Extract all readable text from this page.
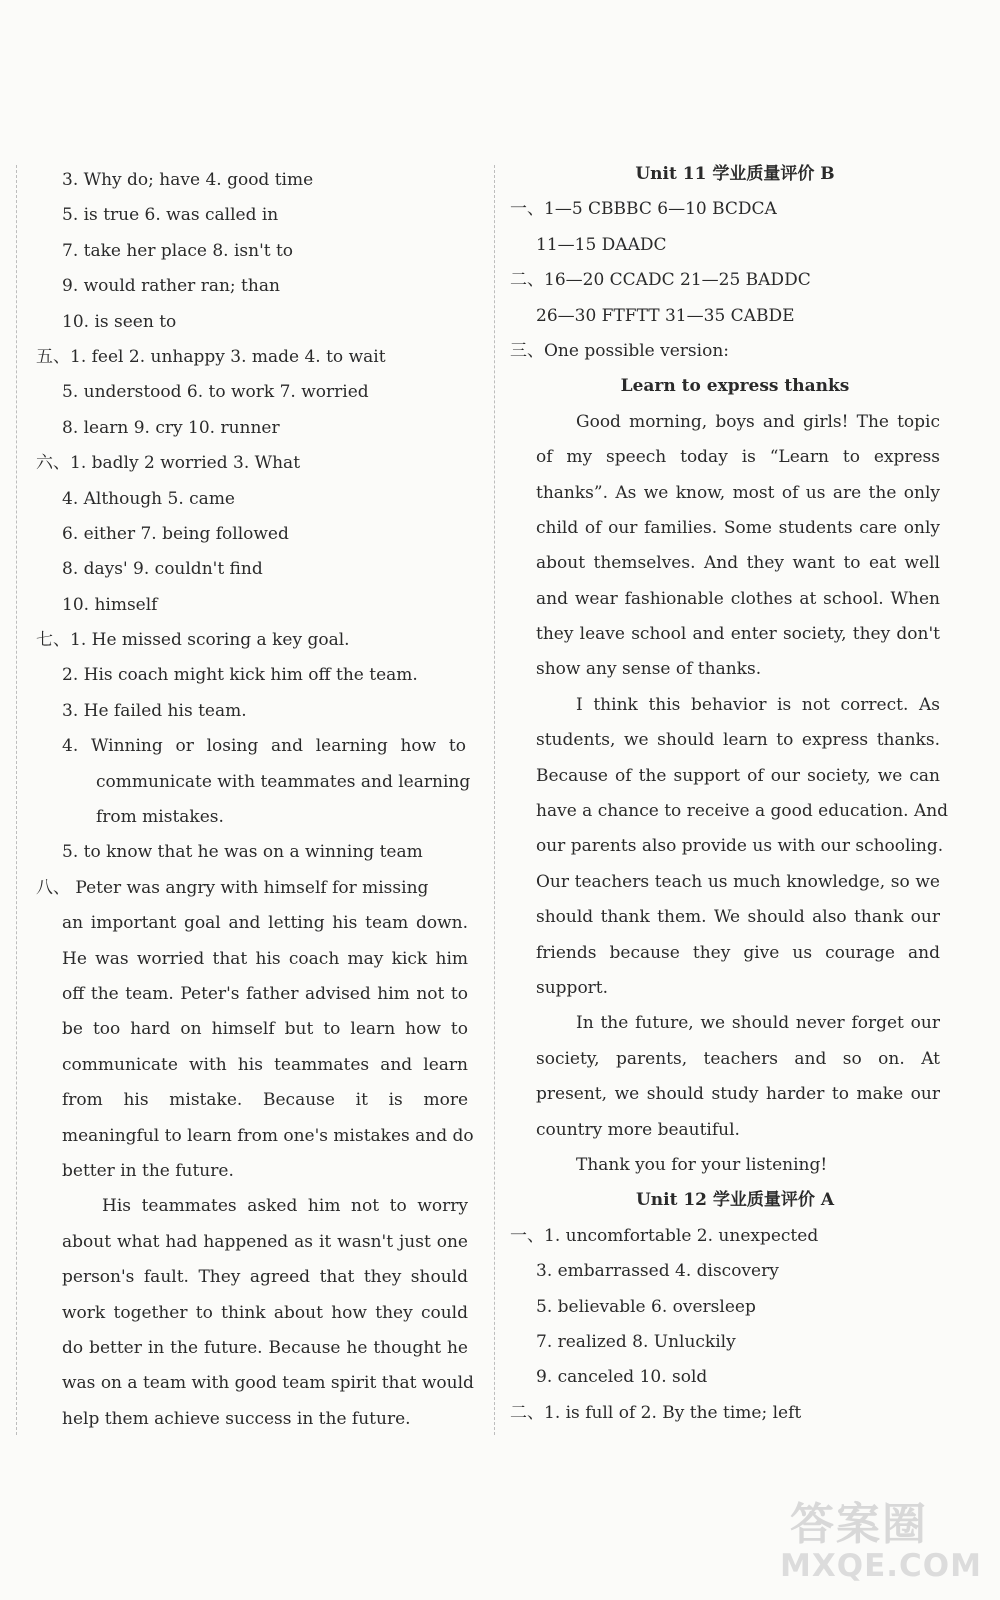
3. Why do; have 4. good time
5. is true 6. was called in
7. take her place 8. isn't to
9. would rather ran; than
10. is seen to
五、1. feel 2. unhappy 3. made 4. to wait
5. understood 6. to work 7. worried
8. learn 9. cry 10. runner
六、1. badly 2 worried 3. What
4. Although 5. came
6. either 7. being followed
8. days' 9. couldn't find
10. himself
七、1. He missed scoring a key goal.
2. His coach might kick him off the team.
3. He failed his team.
4. Winning or losing and learning how to
communicate with teammates and learning
from mistakes.
5. to know that he was on a winning team
八、 Peter was angry with himself for missing
an important goal and letting his team down.
He was worried that his coach may kick him
off the team. Peter's father advised him not to
be too hard on himself but to learn how to
communicate with his teammates and learn
from his mistake. Because it is more
meaningful to learn from one's mistakes and do
better in the future.
His teammates asked him not to worry
about what had happened as it wasn't just one
person's fault. They agreed that they should
work together to think about how they could
do better in the future. Because he thought he
was on a team with good team spirit that would
help them achieve success in the future.
Unit 11 学业质量评价 B
一、1—5 CBBBC 6—10 BCDCA
11—15 DAADC
二、16—20 CCADC 21—25 BADDC
26—30 FTFTT 31—35 CABDE
三、One possible version:
Learn to express thanks
Good morning, boys and girls! The topic
of my speech today is “Learn to express
thanks”. As we know, most of us are the only
child of our families. Some students care only
about themselves. And they want to eat well
and wear fashionable clothes at school. When
they leave school and enter society, they don't
show any sense of thanks.
I think this behavior is not correct. As
students, we should learn to express thanks.
Because of the support of our society, we can
have a chance to receive a good education. And
our parents also provide us with our schooling.
Our teachers teach us much knowledge, so we
should thank them. We should also thank our
friends because they give us courage and
support.
In the future, we should never forget our
society, parents, teachers and so on. At
present, we should study harder to make our
country more beautiful.
Thank you for your listening!
Unit 12 学业质量评价 A
一、1. uncomfortable 2. unexpected
3. embarrassed 4. discovery
5. believable 6. oversleep
7. realized 8. Unluckily
9. canceled 10. sold
二、1. is full of 2. By the time; left
答案圈
MXQE.COM
